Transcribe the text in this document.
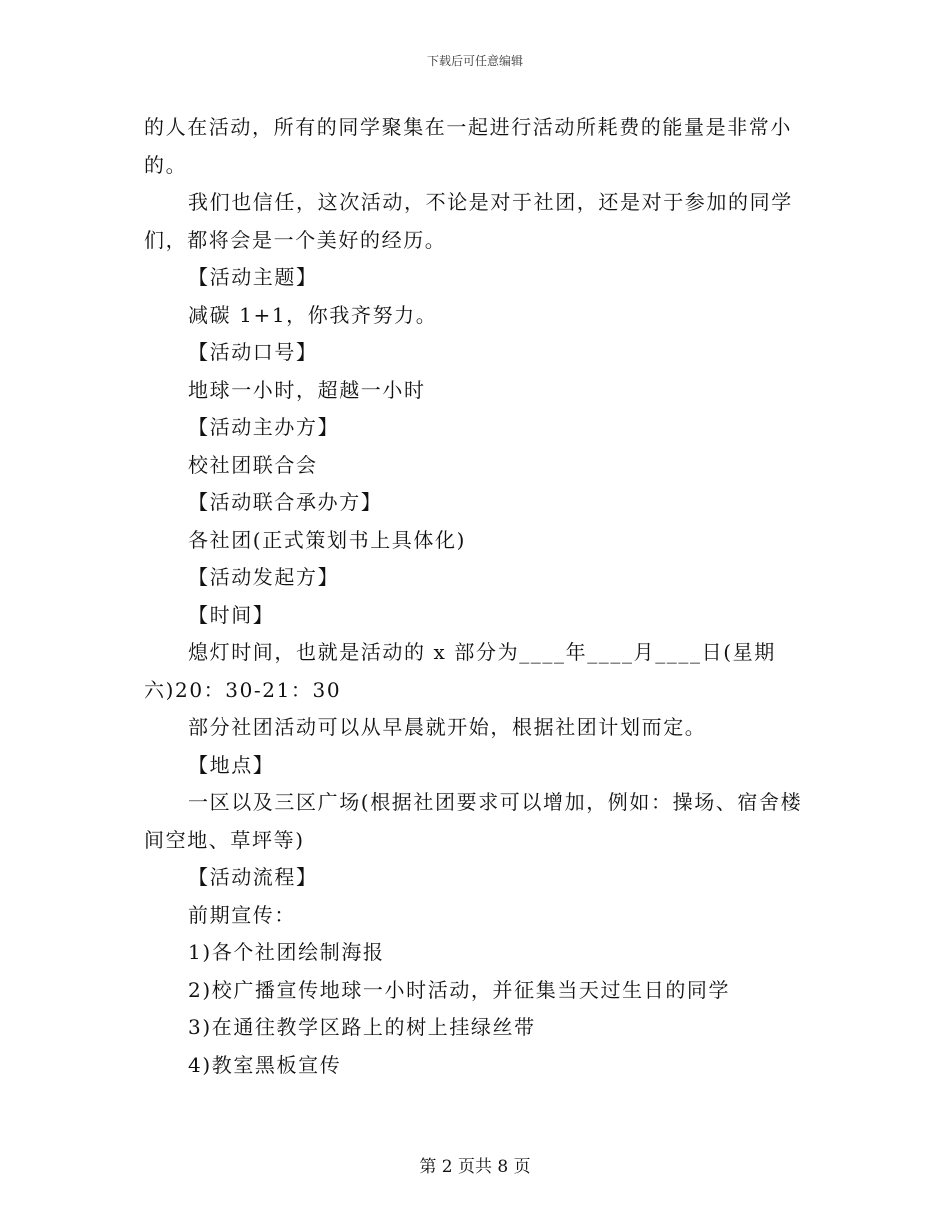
下载后可任意编辑
的人在活动，所有的同学聚集在一起进行活动所耗费的能量是非常小
的。
我们也信任，这次活动，不论是对于社团，还是对于参加的同学
们，都将会是一个美好的经历。
【活动主题】
减碳 1+1，你我齐努力。
【活动口号】
地球一小时，超越一小时
【活动主办方】
校社团联合会
【活动联合承办方】
各社团(正式策划书上具体化)
【活动发起方】
【时间】
熄灯时间，也就是活动的 x 部分为____年____月____日(星期
六)20：30-21：30
部分社团活动可以从早晨就开始，根据社团计划而定。
【地点】
一区以及三区广场(根据社团要求可以增加，例如：操场、宿舍楼
间空地、草坪等)
【活动流程】
前期宣传：
1)各个社团绘制海报
2)校广播宣传地球一小时活动，并征集当天过生日的同学
3)在通往教学区路上的树上挂绿丝带
4)教室黑板宣传
第 2 页共 8 页
